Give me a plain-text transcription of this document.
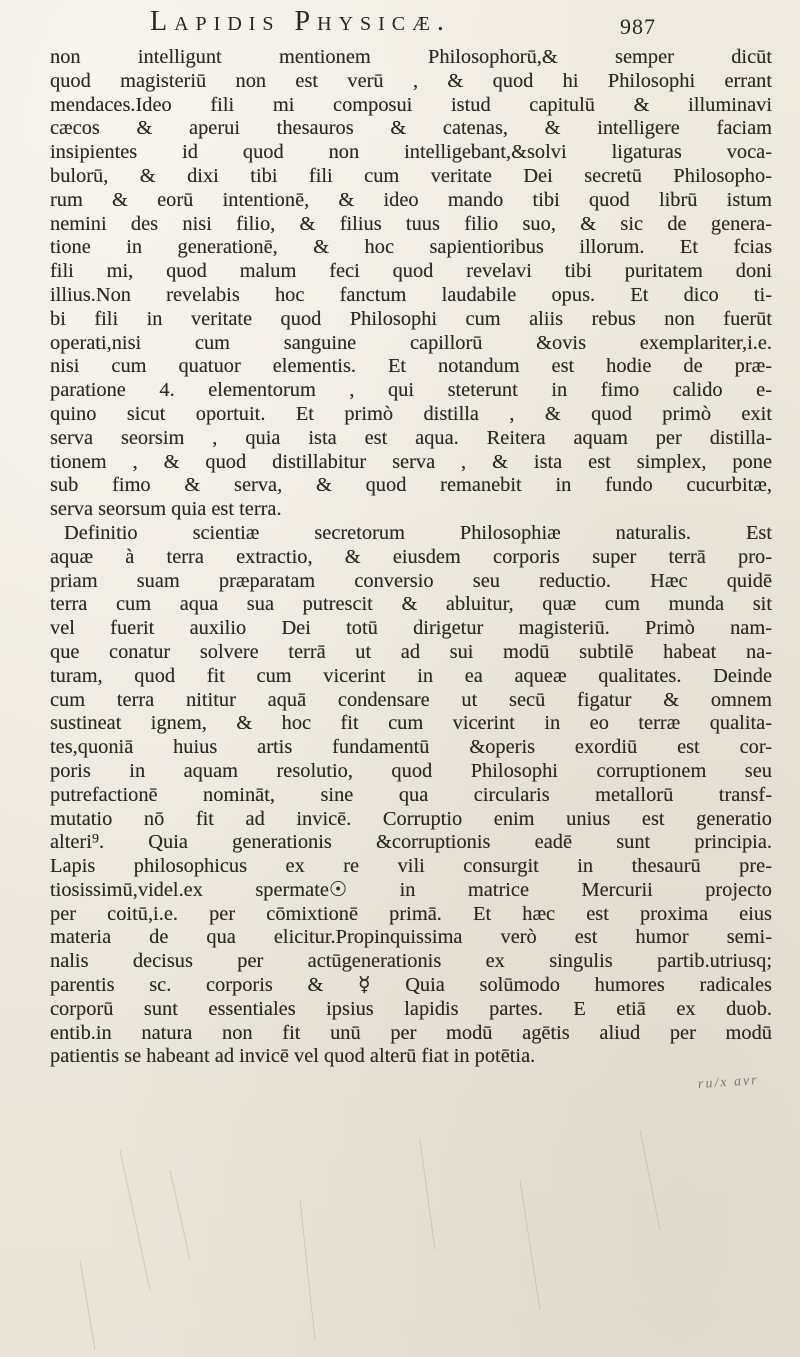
Lapidis Physicæ.	987
non intelligunt mentionem Philosophorū,& semper dicūt
quod magisteriū non est verū , & quod hi Philosophi errant
mendaces.Ideo fili mi composui istud capitulū & illuminavi
cæcos & aperui thesauros & catenas, & intelligere faciam
insipientes id quod non intelligebant,&solvi ligaturas voca-
bulorū, & dixi tibi fili cum veritate Dei secretū Philosopho-
rum & eorū intentionē, & ideo mando tibi quod librū istum
nemini des nisi filio, & filius tuus filio suo, & sic de genera-
tione in generationē, & hoc sapientioribus illorum. Et fcias
fili mi, quod malum feci quod revelavi tibi puritatem doni
illius.Non revelabis hoc fanctum laudabile opus. Et dico ti-
bi fili in veritate quod Philosophi cum aliis rebus non fuerūt
operati,nisi cum sanguine capillorū &ovis exemplariter,i.e.
nisi cum quatuor elementis. Et notandum est hodie de præ-
paratione 4. elementorum , qui steterunt in fimo calido e-
quino sicut oportuit. Et primò distilla , & quod primò exit
serva seorsim , quia ista est aqua. Reitera aquam per distilla-
tionem , & quod distillabitur serva , & ista est simplex, pone
sub fimo & serva, & quod remanebit in fundo cucurbitæ,
serva seorsum quia est terra.
Definitio scientiæ secretorum Philosophiæ naturalis. Est
aquæ à terra extractio, & eiusdem corporis super terrā pro-
priam suam præparatam conversio seu reductio. Hæc quidē
terra cum aqua sua putrescit & abluitur, quæ cum munda sit
vel fuerit auxilio Dei totū dirigetur magisteriū. Primò nam-
que conatur solvere terrā ut ad sui modū subtilē habeat na-
turam, quod fit cum vicerint in ea aqueæ qualitates. Deinde
cum terra nititur aquā condensare ut secū figatur & omnem
sustineat ignem, & hoc fit cum vicerint in eo terræ qualita-
tes,quoniā huius artis fundamentū &operis exordiū est cor-
poris in aquam resolutio, quod Philosophi corruptionem seu
putrefactionē nomināt, sine qua circularis metallorū transf-
mutatio nō fit ad invicē. Corruptio enim unius est generatio
alteri⁹. Quia generationis &corruptionis eadē sunt principia.
Lapis philosophicus ex re vili consurgit in thesaurū pre-
tiosissimū,videl.ex spermate☉ in matrice Mercurii projecto
per coitū,i.e. per cōmixtionē primā. Et hæc est proxima eius
materia de qua elicitur.Propinquissima verò est humor semi-
nalis decisus per actūgenerationis ex singulis partib.utriusq;
parentis sc. corporis & ☿ Quia solūmodo humores radicales
corporū sunt essentiales ipsius lapidis partes. E etiā ex duob.
entib.in natura non fit unū per modū agētis aliud per modū
patientis se habeant ad invicē vel quod alterū fiat in potētia.
ru/x avr
